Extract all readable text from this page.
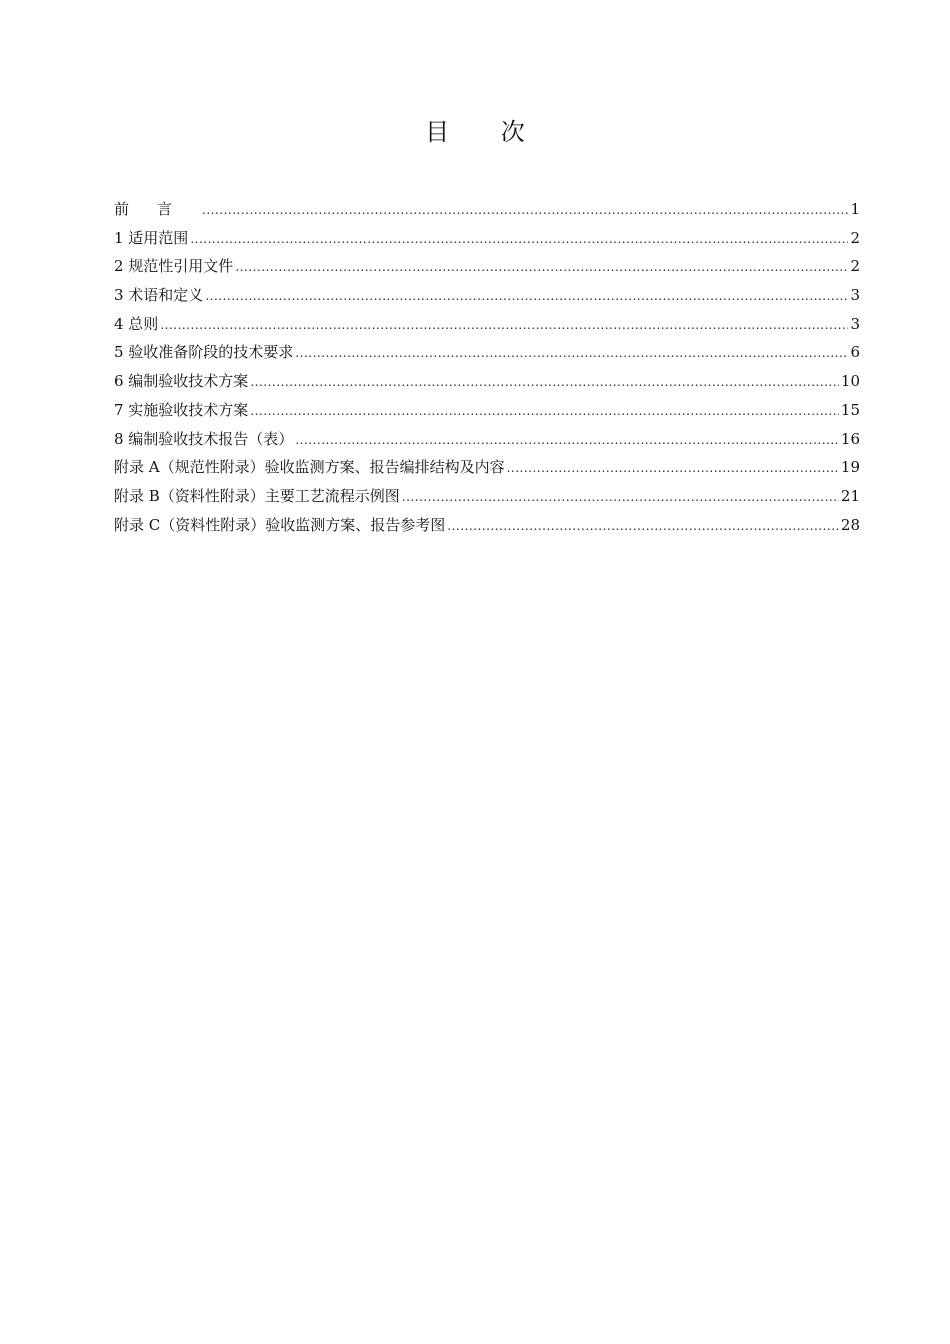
目 次
前言 .....	1
1 适用范围 .....	2
2 规范性引用文件 .....	2
3 术语和定义 .....	3
4 总则 .....	3
5 验收准备阶段的技术要求 .....	6
6 编制验收技术方案 .....	10
7 实施验收技术方案 .....	15
8 编制验收技术报告（表） .....	16
附录 A（规范性附录）验收监测方案、报告编排结构及内容 .....	19
附录 B（资料性附录）主要工艺流程示例图 .....	21
附录 C（资料性附录）验收监测方案、报告参考图 .....	28
